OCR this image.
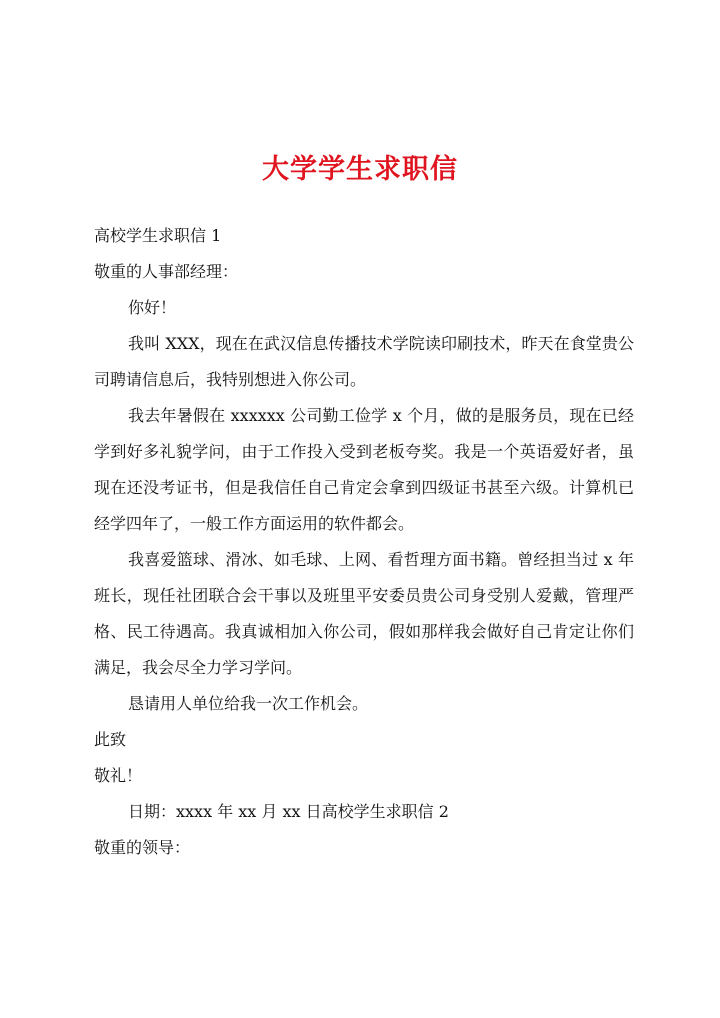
大学学生求职信

高校学生求职信 1

敬重的人事部经理：

你好！

我叫 XXX，现在在武汉信息传播技术学院读印刷技术，昨天在食堂贵公司聘请信息后，我特别想进入你公司。

我去年暑假在 xxxxxx 公司勤工俭学 x 个月，做的是服务员，现在已经学到好多礼貌学问，由于工作投入受到老板夸奖。我是一个英语爱好者，虽现在还没考证书，但是我信任自己肯定会拿到四级证书甚至六级。计算机已经学四年了，一般工作方面运用的软件都会。

我喜爱篮球、滑冰、如毛球、上网、看哲理方面书籍。曾经担当过 x 年班长，现任社团联合会干事以及班里平安委员贵公司身受别人爱戴，管理严格、民工待遇高。我真诚相加入你公司，假如那样我会做好自己肯定让你们满足，我会尽全力学习学问。

恳请用人单位给我一次工作机会。

此致

敬礼！

日期：xxxx 年 xx 月 xx 日高校学生求职信 2

敬重的领导：
